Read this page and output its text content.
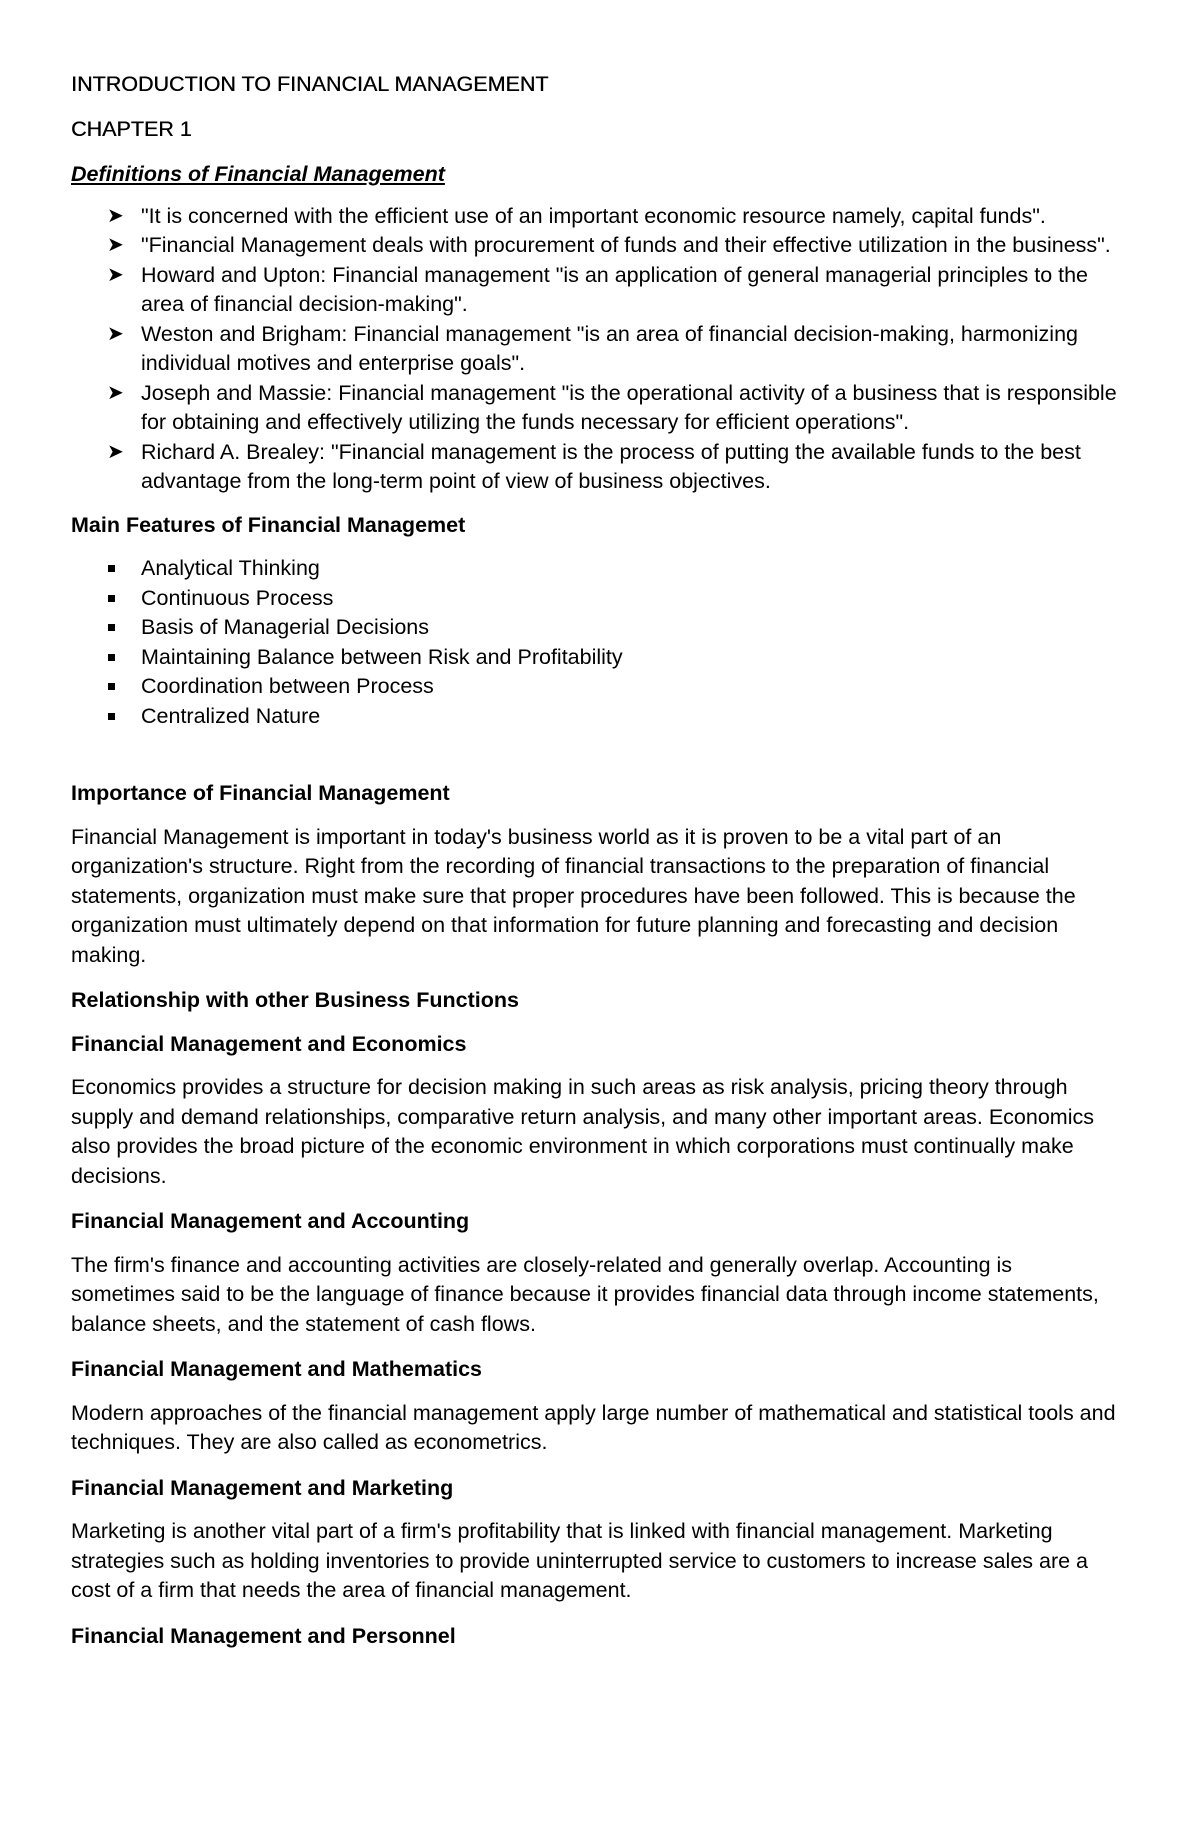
INTRODUCTION TO FINANCIAL MANAGEMENT
CHAPTER 1
Definitions of Financial Management
➤ "It is concerned with the efficient use of an important economic resource namely, capital funds".
➤ "Financial Management deals with procurement of funds and their effective utilization in the business".
➤ Howard and Upton: Financial management "is an application of general managerial principles to the area of financial decision-making".
➤ Weston and Brigham: Financial management "is an area of financial decision-making, harmonizing individual motives and enterprise goals".
➤ Joseph and Massie: Financial management "is the operational activity of a business that is responsible for obtaining and effectively utilizing the funds necessary for efficient operations".
➤ Richard A. Brealey: "Financial management is the process of putting the available funds to the best advantage from the long-term point of view of business objectives.
Main Features of Financial Managemet
Analytical Thinking
Continuous Process
Basis of Managerial Decisions
Maintaining Balance between Risk and Profitability
Coordination between Process
Centralized Nature
Importance of Financial Management

Financial Management is important in today's business world as it is proven to be a vital part of an organization's structure. Right from the recording of financial transactions to the preparation of financial statements, organization must make sure that proper procedures have been followed. This is because the organization must ultimately depend on that information for future planning and forecasting and decision making.

Relationship with other Business Functions
Financial Management and Economics

Economics provides a structure for decision making in such areas as risk analysis, pricing theory through supply and demand relationships, comparative return analysis, and many other important areas. Economics also provides the broad picture of the economic environment in which corporations must continually make decisions.

Financial Management and Accounting

The firm's finance and accounting activities are closely-related and generally overlap. Accounting is sometimes said to be the language of finance because it provides financial data through income statements, balance sheets, and the statement of cash flows.

Financial Management and Mathematics

Modern approaches of the financial management apply large number of mathematical and statistical tools and techniques. They are also called as econometrics.

Financial Management and Marketing

Marketing is another vital part of a firm's profitability that is linked with financial management. Marketing strategies such as holding inventories to provide uninterrupted service to customers to increase sales are a cost of a firm that needs the area of financial management.

Financial Management and Personnel
